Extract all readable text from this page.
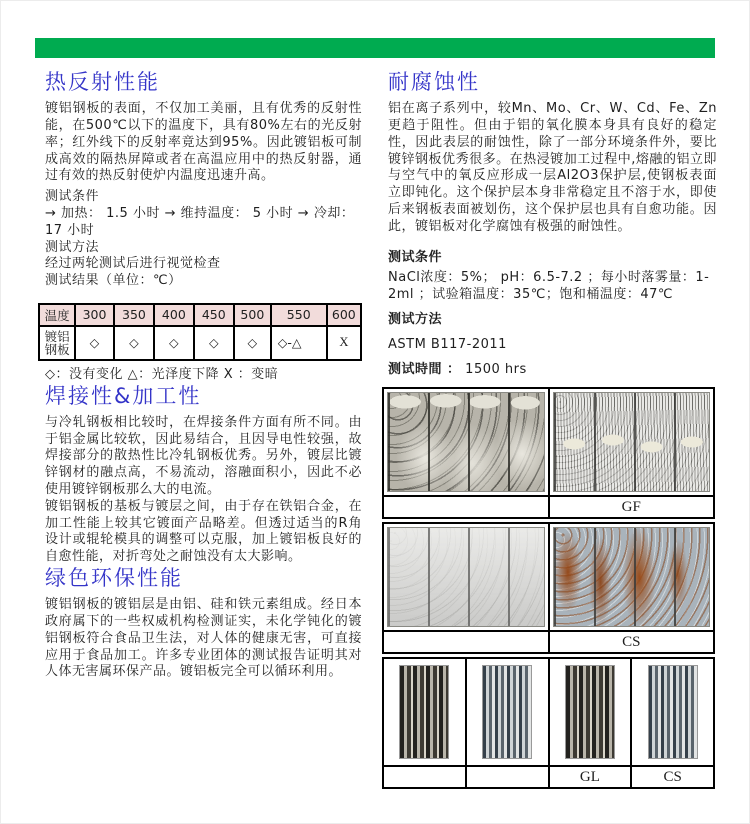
热反射性能
镀铝钢板的表面，不仅加工美丽，且有优秀的反射性能，在500℃以下的温度下，具有80%左右的光反射率；红外线下的反射率竟达到95%。因此镀铝板可制成高效的隔热屏障或者在高温应用中的热反射器，通过有效的热反射使炉内温度迅速升高。
测试条件
→ 加热： 1.5 小时 → 维持温度： 5 小时 → 冷却： 17 小时
测试方法
经过两轮测试后进行视觉检查
测试结果（单位：℃）
温度	300	350	400	450	500	550	600
镀铝钢板	◇	◇	◇	◇	◇	◇-△	X
◇：没有变化 △：光泽度下降 X ：变暗
焊接性&加工性
与冷轧钢板相比较时，在焊接条件方面有所不同。由于铝金属比较软，因此易结合，且因导电性较强，故焊接部分的散热性比冷轧钢板优秀。另外，镀层比镀锌钢材的融点高，不易流动，溶融面积小，因此不必使用镀锌钢板那么大的电流。
镀铝钢板的基板与镀层之间，由于存在铁铝合金，在加工性能上较其它镀面产品略差。但透过适当的R角设计或辊轮模具的调整可以克服，加上镀铝板良好的自愈性能，对折弯处之耐蚀没有太大影响。
绿色环保性能
镀铝钢板的镀铝层是由铝、硅和铁元素组成。经日本政府属下的一些权威机构检测证实，未化学钝化的镀铝钢板符合食品卫生法，对人体的健康无害，可直接应用于食品加工。许多专业团体的测试报告证明其对人体无害属环保产品。镀铝板完全可以循环利用。
耐腐蚀性
铝在离子系列中，较Mn、Mo、Cr、W、Cd、Fe、Zn更趋于阻性。但由于铝的氧化膜本身具有良好的稳定性，因此表层的耐蚀性，除了一部分环境条件外，要比镀锌钢板优秀很多。在热浸镀加工过程中,熔融的铝立即与空气中的氧反应形成一层Al2O3保护层,使钢板表面立即钝化。这个保护层本身非常稳定且不溶于水，即使后来钢板表面被划伤，这个保护层也具有自愈功能。因此，镀铝板对化学腐蚀有极强的耐蚀性。
测试条件
NaCl浓度：5%； pH：6.5-7.2 ；每小时落雾量：1-2ml ；试验箱温度：35℃；饱和桶温度：47℃
测试方法
ASTM B117-2011
测试時間 ： 1500 hrs

	GF

	CS

		GL	CS
